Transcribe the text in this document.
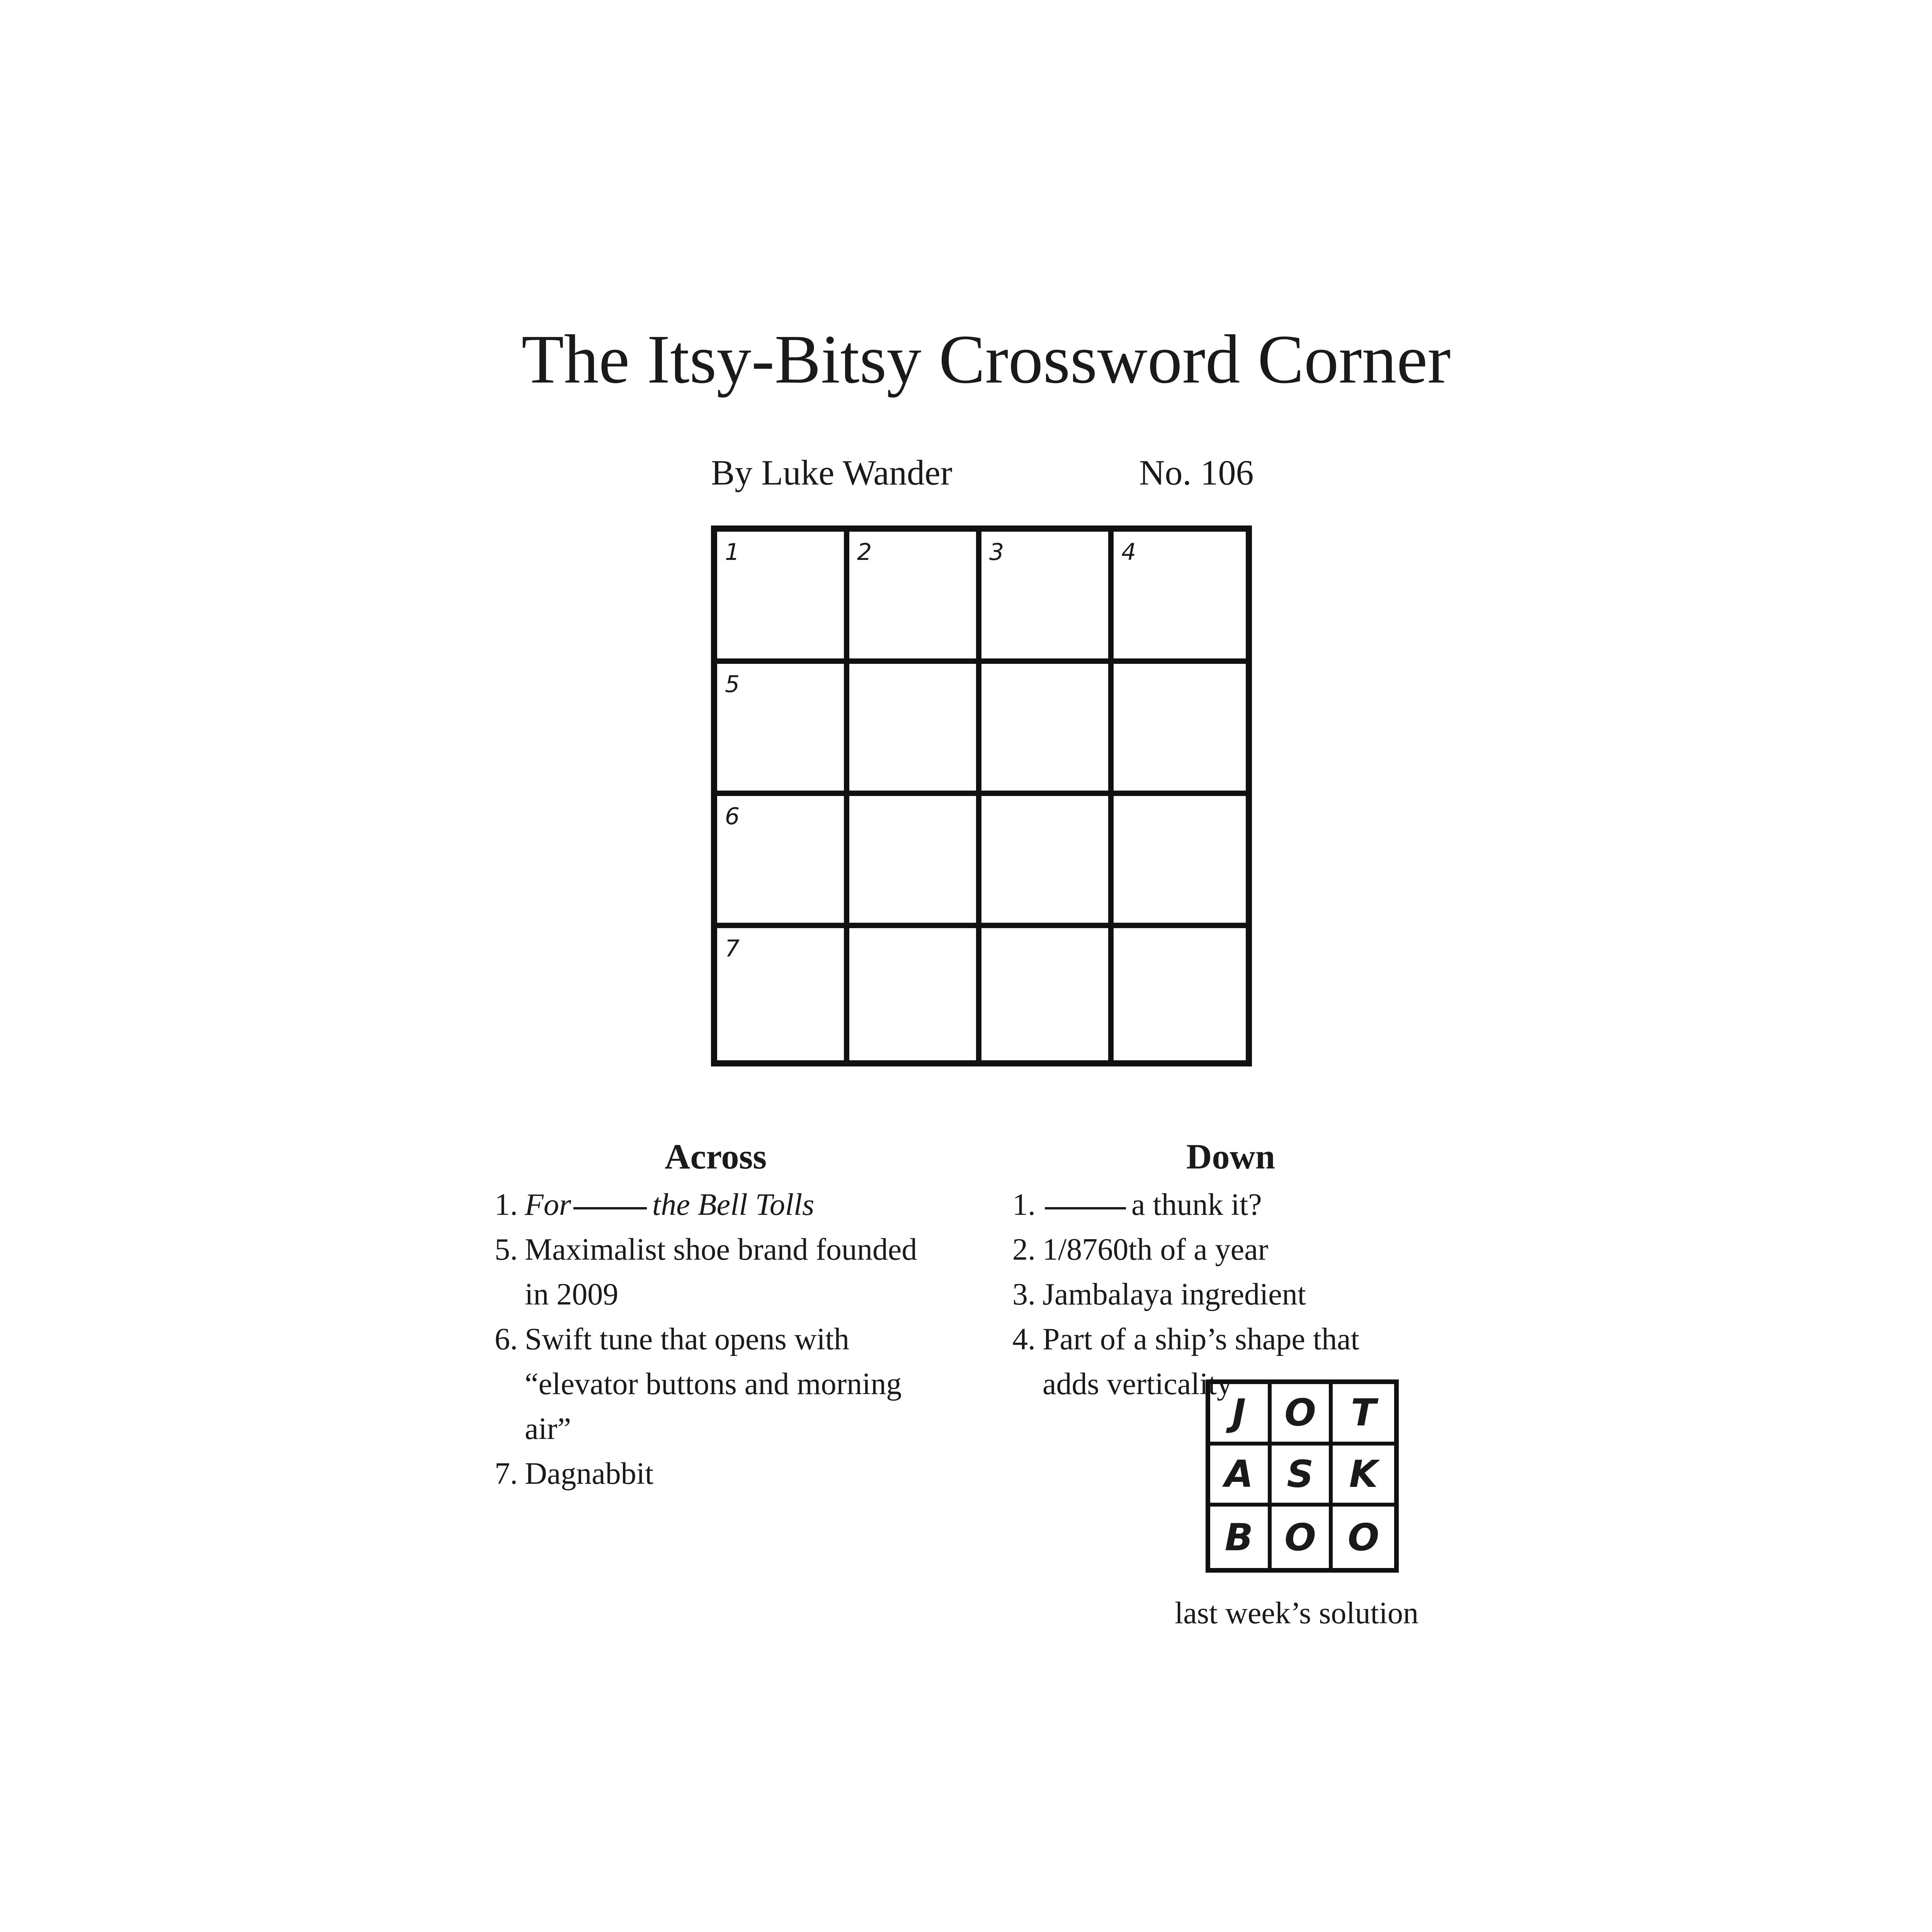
The Itsy-Bitsy Crossword Corner
By Luke Wander	No. 106
1	2	3	4
5
6
7
Across
1. For	the Bell Tolls
5. Maximalist shoe brand founded in 2009
6. Swift tune that opens with “elevator buttons and morning air”
7. Dagnabbit
Down
1.	a thunk it?
2. 1/8760th of a year
3. Jambalaya ingredient
4. Part of a ship’s shape that adds verticality
J	O T
A S K
B O O
last week’s solution
